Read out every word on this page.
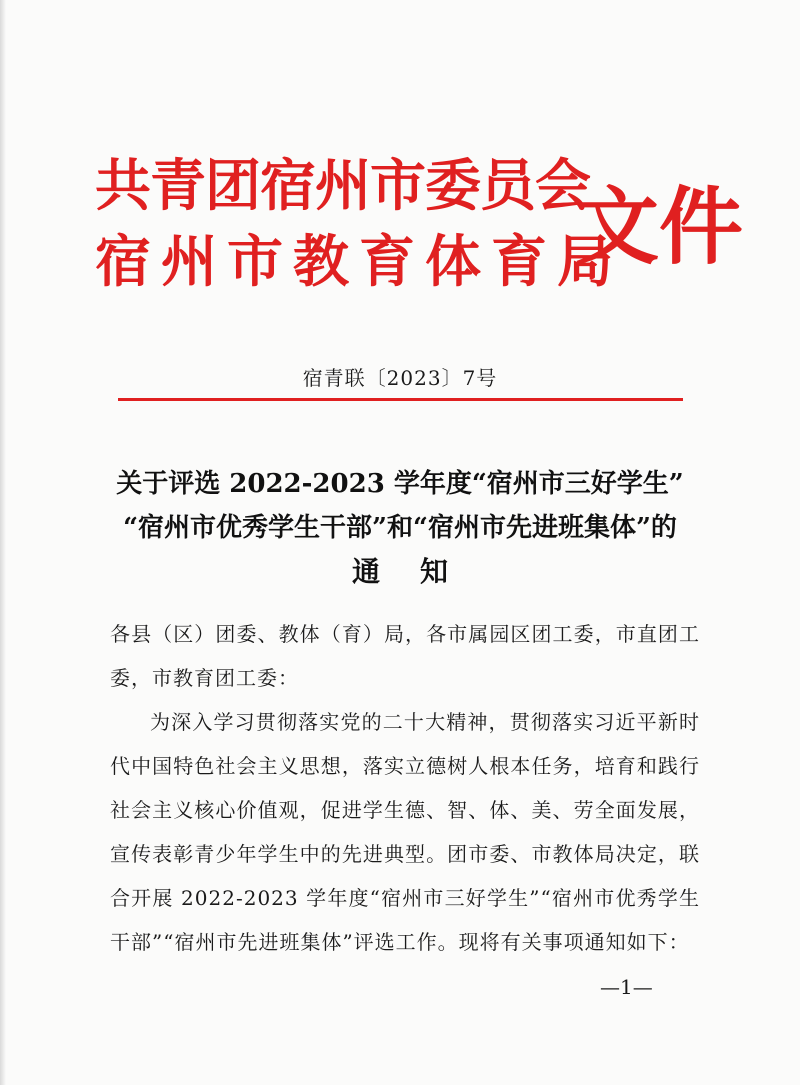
共青团宿州市委员会
宿州市教育体育局
文件
宿青联〔2023〕7号
关于评选 2022-2023 学年度“宿州市三好学生”
“宿州市优秀学生干部”和“宿州市先进班集体”的
通知

各县（区）团委、教体（育）局，各市属园区团工委，市直团工委，市教育团工委：

为深入学习贯彻落实党的二十大精神，贯彻落实习近平新时代中国特色社会主义思想，落实立德树人根本任务，培育和践行社会主义核心价值观，促进学生德、智、体、美、劳全面发展，宣传表彰青少年学生中的先进典型。团市委、市教体局决定，联合开展 2022-2023 学年度“宿州市三好学生”“宿州市优秀学生干部”“宿州市先进班集体”评选工作。现将有关事项通知如下：

—1—
